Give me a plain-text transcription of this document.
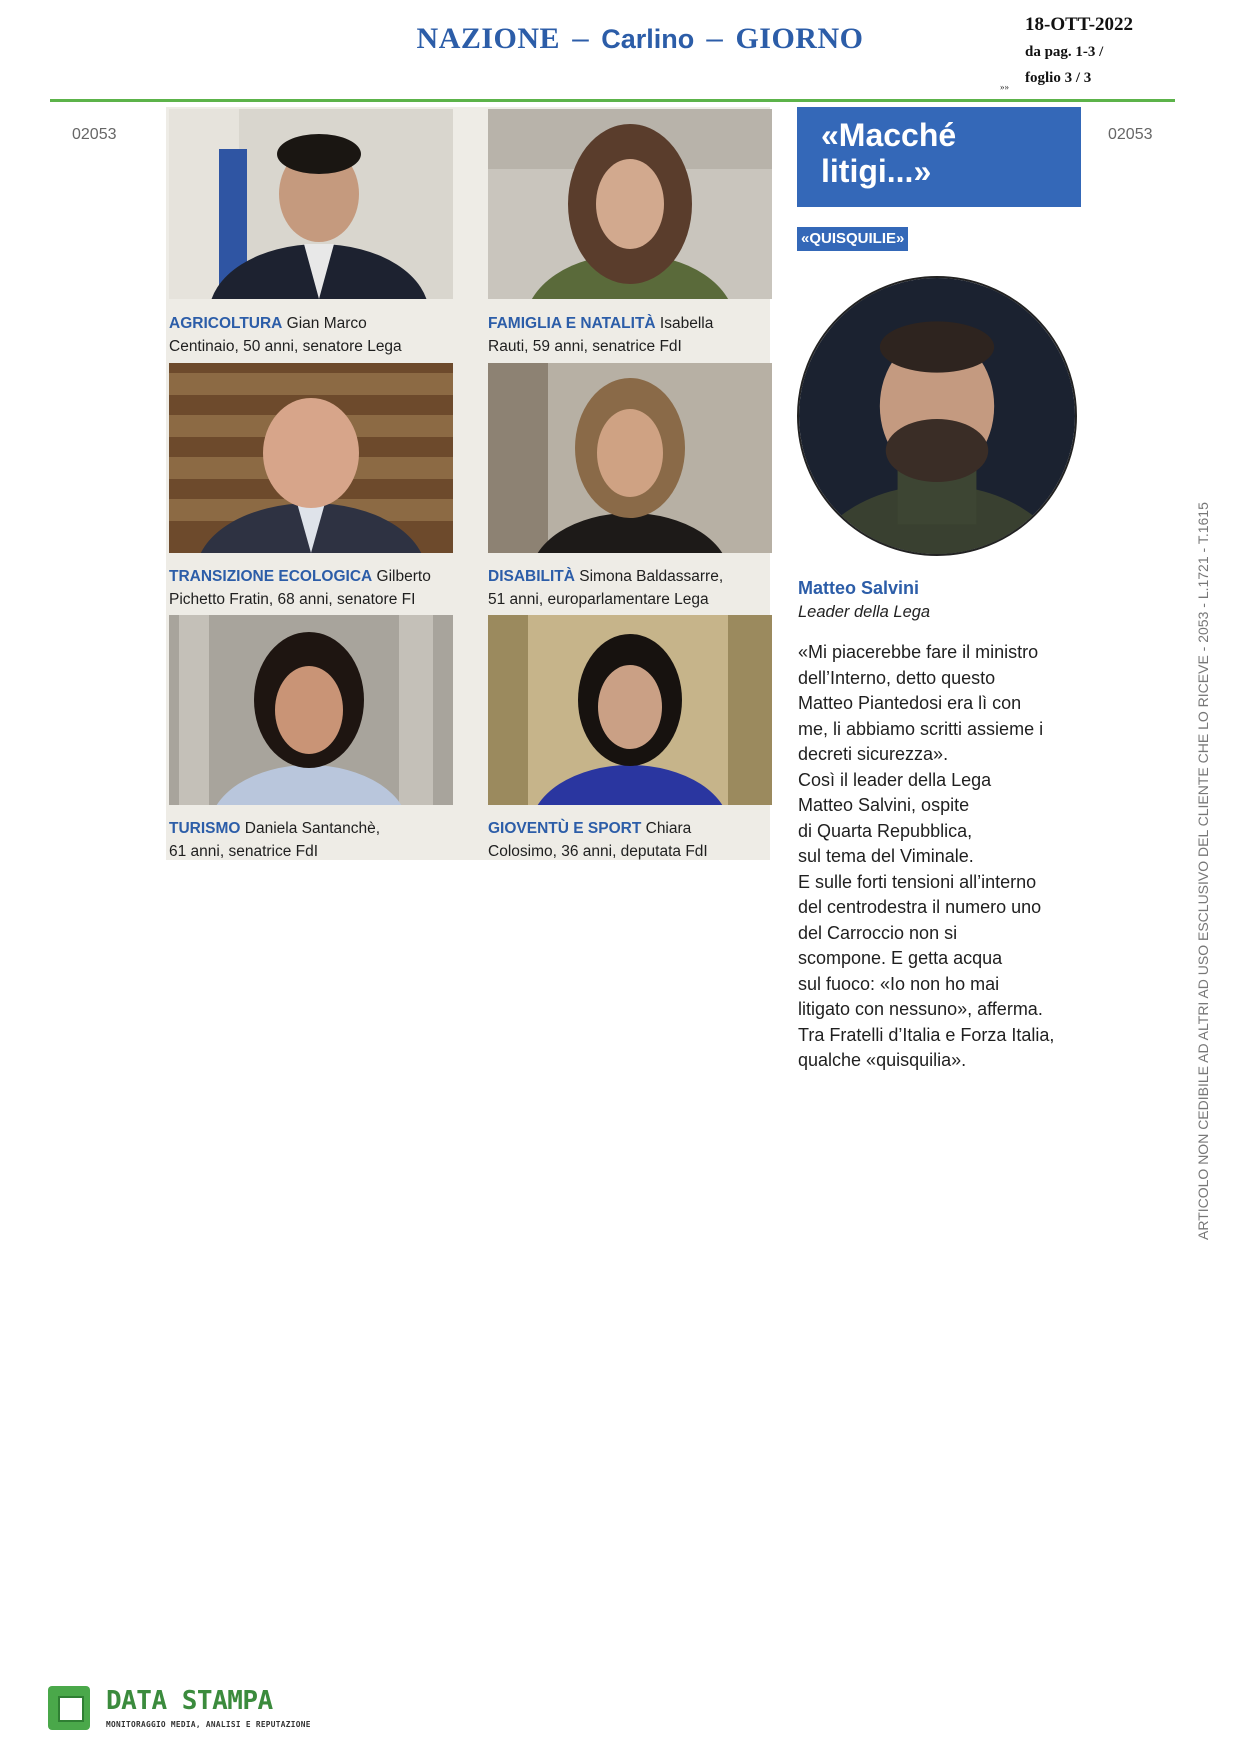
NAZIONE – Carlino – GIORNO	18-OTT-2022
da pag. 1-3 /
foglio 3 / 3
»»
02053	02053
AGRICOLTURA Gian Marco
Centinaio, 50 anni, senatore Lega
FAMIGLIA E NATALITÀ Isabella
Rauti, 59 anni, senatrice FdI
TRANSIZIONE ECOLOGICA Gilberto
Pichetto Fratin, 68 anni, senatore FI
DISABILITÀ Simona Baldassarre,
51 anni, europarlamentare Lega
TURISMO Daniela Santanchè,
61 anni, senatrice FdI
GIOVENTÙ E SPORT Chiara
Colosimo, 36 anni, deputata FdI
«Macché
litigi...»
«QUISQUILIE»
Matteo Salvini
Leader della Lega
«Mi piacerebbe fare il ministro
dell’Interno, detto questo
Matteo Piantedosi era lì con
me, li abbiamo scritti assieme i
decreti sicurezza».
Così il leader della Lega
Matteo Salvini, ospite
di Quarta Repubblica,
sul tema del Viminale.
E sulle forti tensioni all’interno
del centrodestra il numero uno
del Carroccio non si
scompone. E getta acqua
sul fuoco: «Io non ho mai
litigato con nessuno», afferma.
Tra Fratelli d’Italia e Forza Italia,
qualche «quisquilia».	ARTICOLO NON CEDIBILE AD ALTRI AD USO ESCLUSIVO DEL CLIENTE CHE LO RICEVE - 2053 - L.1721 - T.1615
DATA STAMPA
MONITORAGGIO MEDIA, ANALISI E REPUTAZIONE
